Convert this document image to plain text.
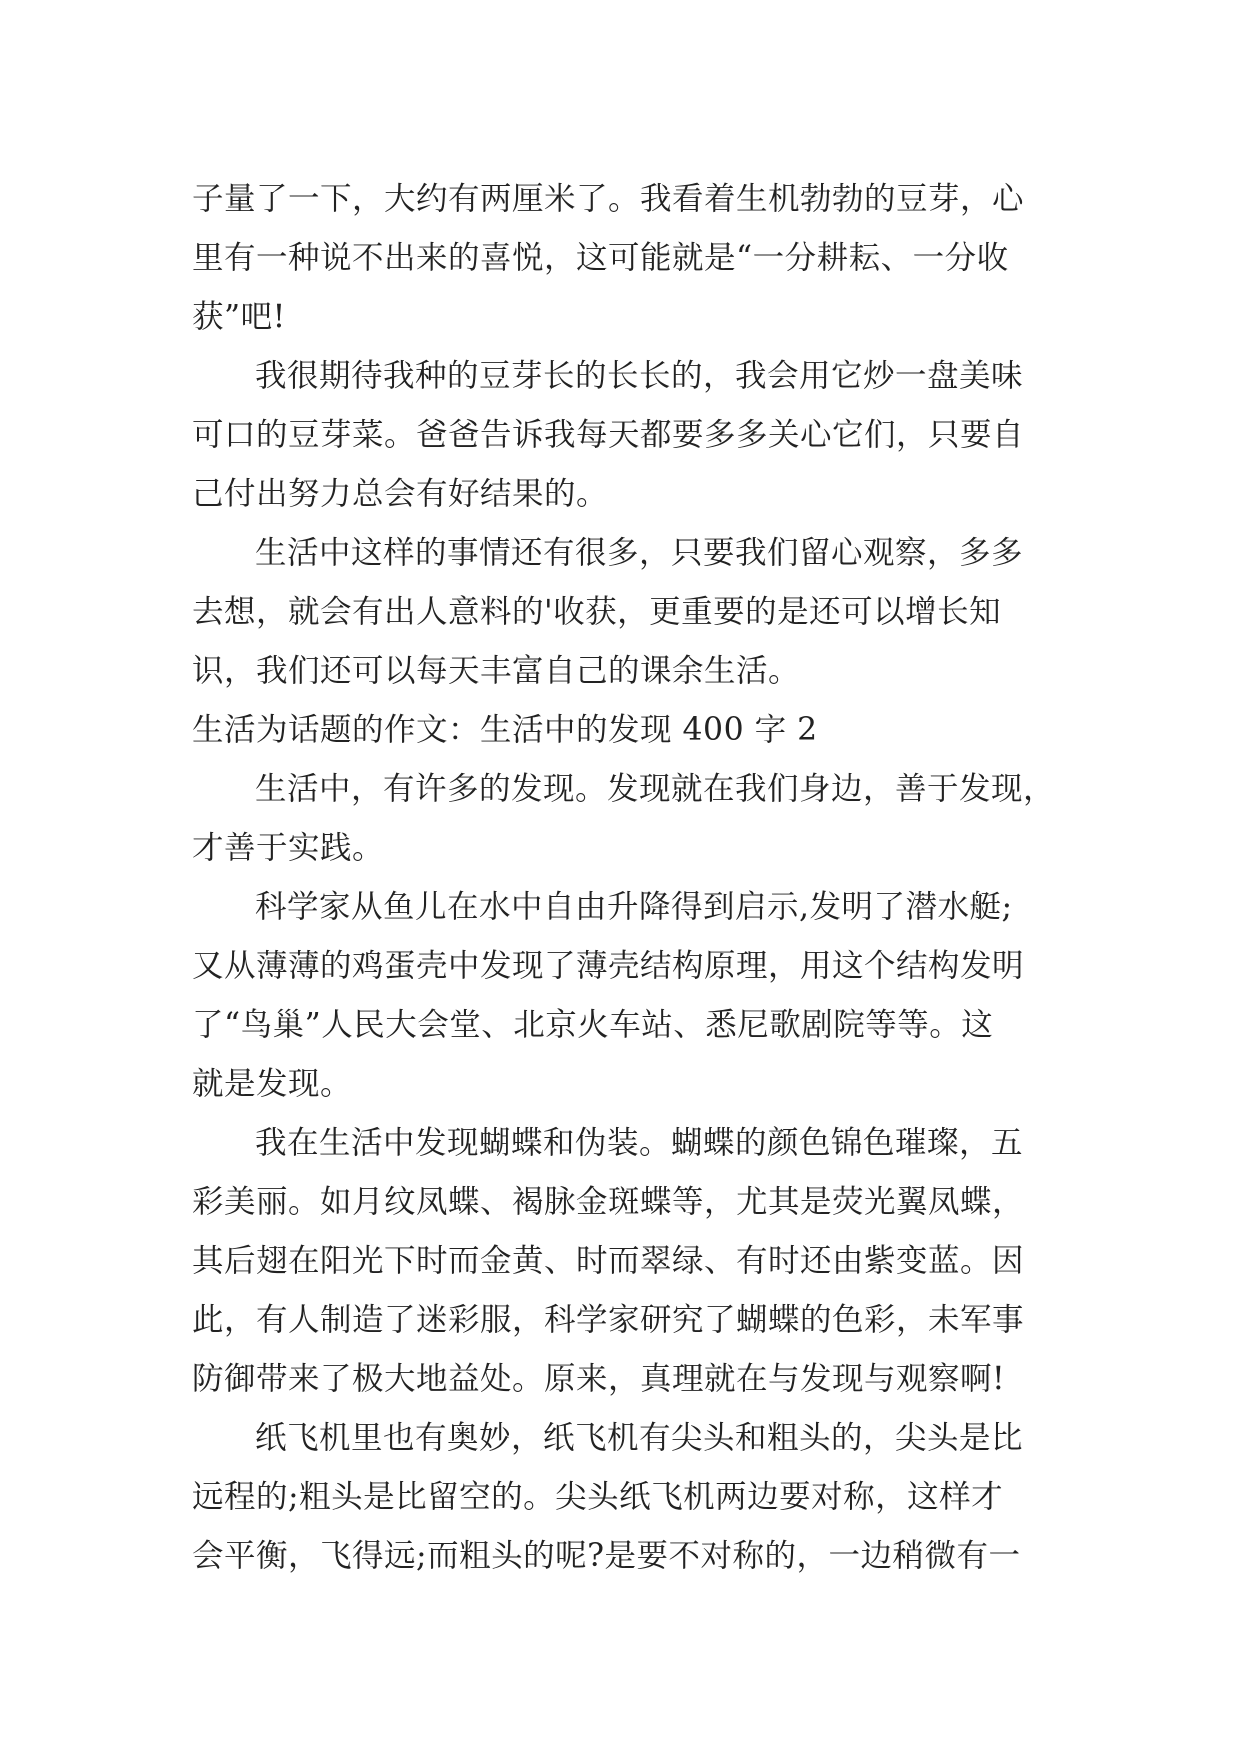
子量了一下，大约有两厘米了。我看着生机勃勃的豆芽，心
里有一种说不出来的喜悦，这可能就是“一分耕耘、一分收
获”吧!
我很期待我种的豆芽长的长长的，我会用它炒一盘美味
可口的豆芽菜。爸爸告诉我每天都要多多关心它们，只要自
己付出努力总会有好结果的。
生活中这样的事情还有很多，只要我们留心观察，多多
去想，就会有出人意料的'收获，更重要的是还可以增长知
识，我们还可以每天丰富自己的课余生活。
生活为话题的作文：生活中的发现 400 字 2
生活中，有许多的发现。发现就在我们身边，善于发现，
才善于实践。
科学家从鱼儿在水中自由升降得到启示,发明了潜水艇;
又从薄薄的鸡蛋壳中发现了薄壳结构原理，用这个结构发明
了“鸟巢”人民大会堂、北京火车站、悉尼歌剧院等等。这
就是发现。
我在生活中发现蝴蝶和伪装。蝴蝶的颜色锦色璀璨，五
彩美丽。如月纹凤蝶、褐脉金斑蝶等，尤其是荧光翼凤蝶，
其后翅在阳光下时而金黄、时而翠绿、有时还由紫变蓝。因
此，有人制造了迷彩服，科学家研究了蝴蝶的色彩，未军事
防御带来了极大地益处。原来，真理就在与发现与观察啊!
纸飞机里也有奥妙，纸飞机有尖头和粗头的，尖头是比
远程的;粗头是比留空的。尖头纸飞机两边要对称，这样才
会平衡，飞得远;而粗头的呢?是要不对称的，一边稍微有一
